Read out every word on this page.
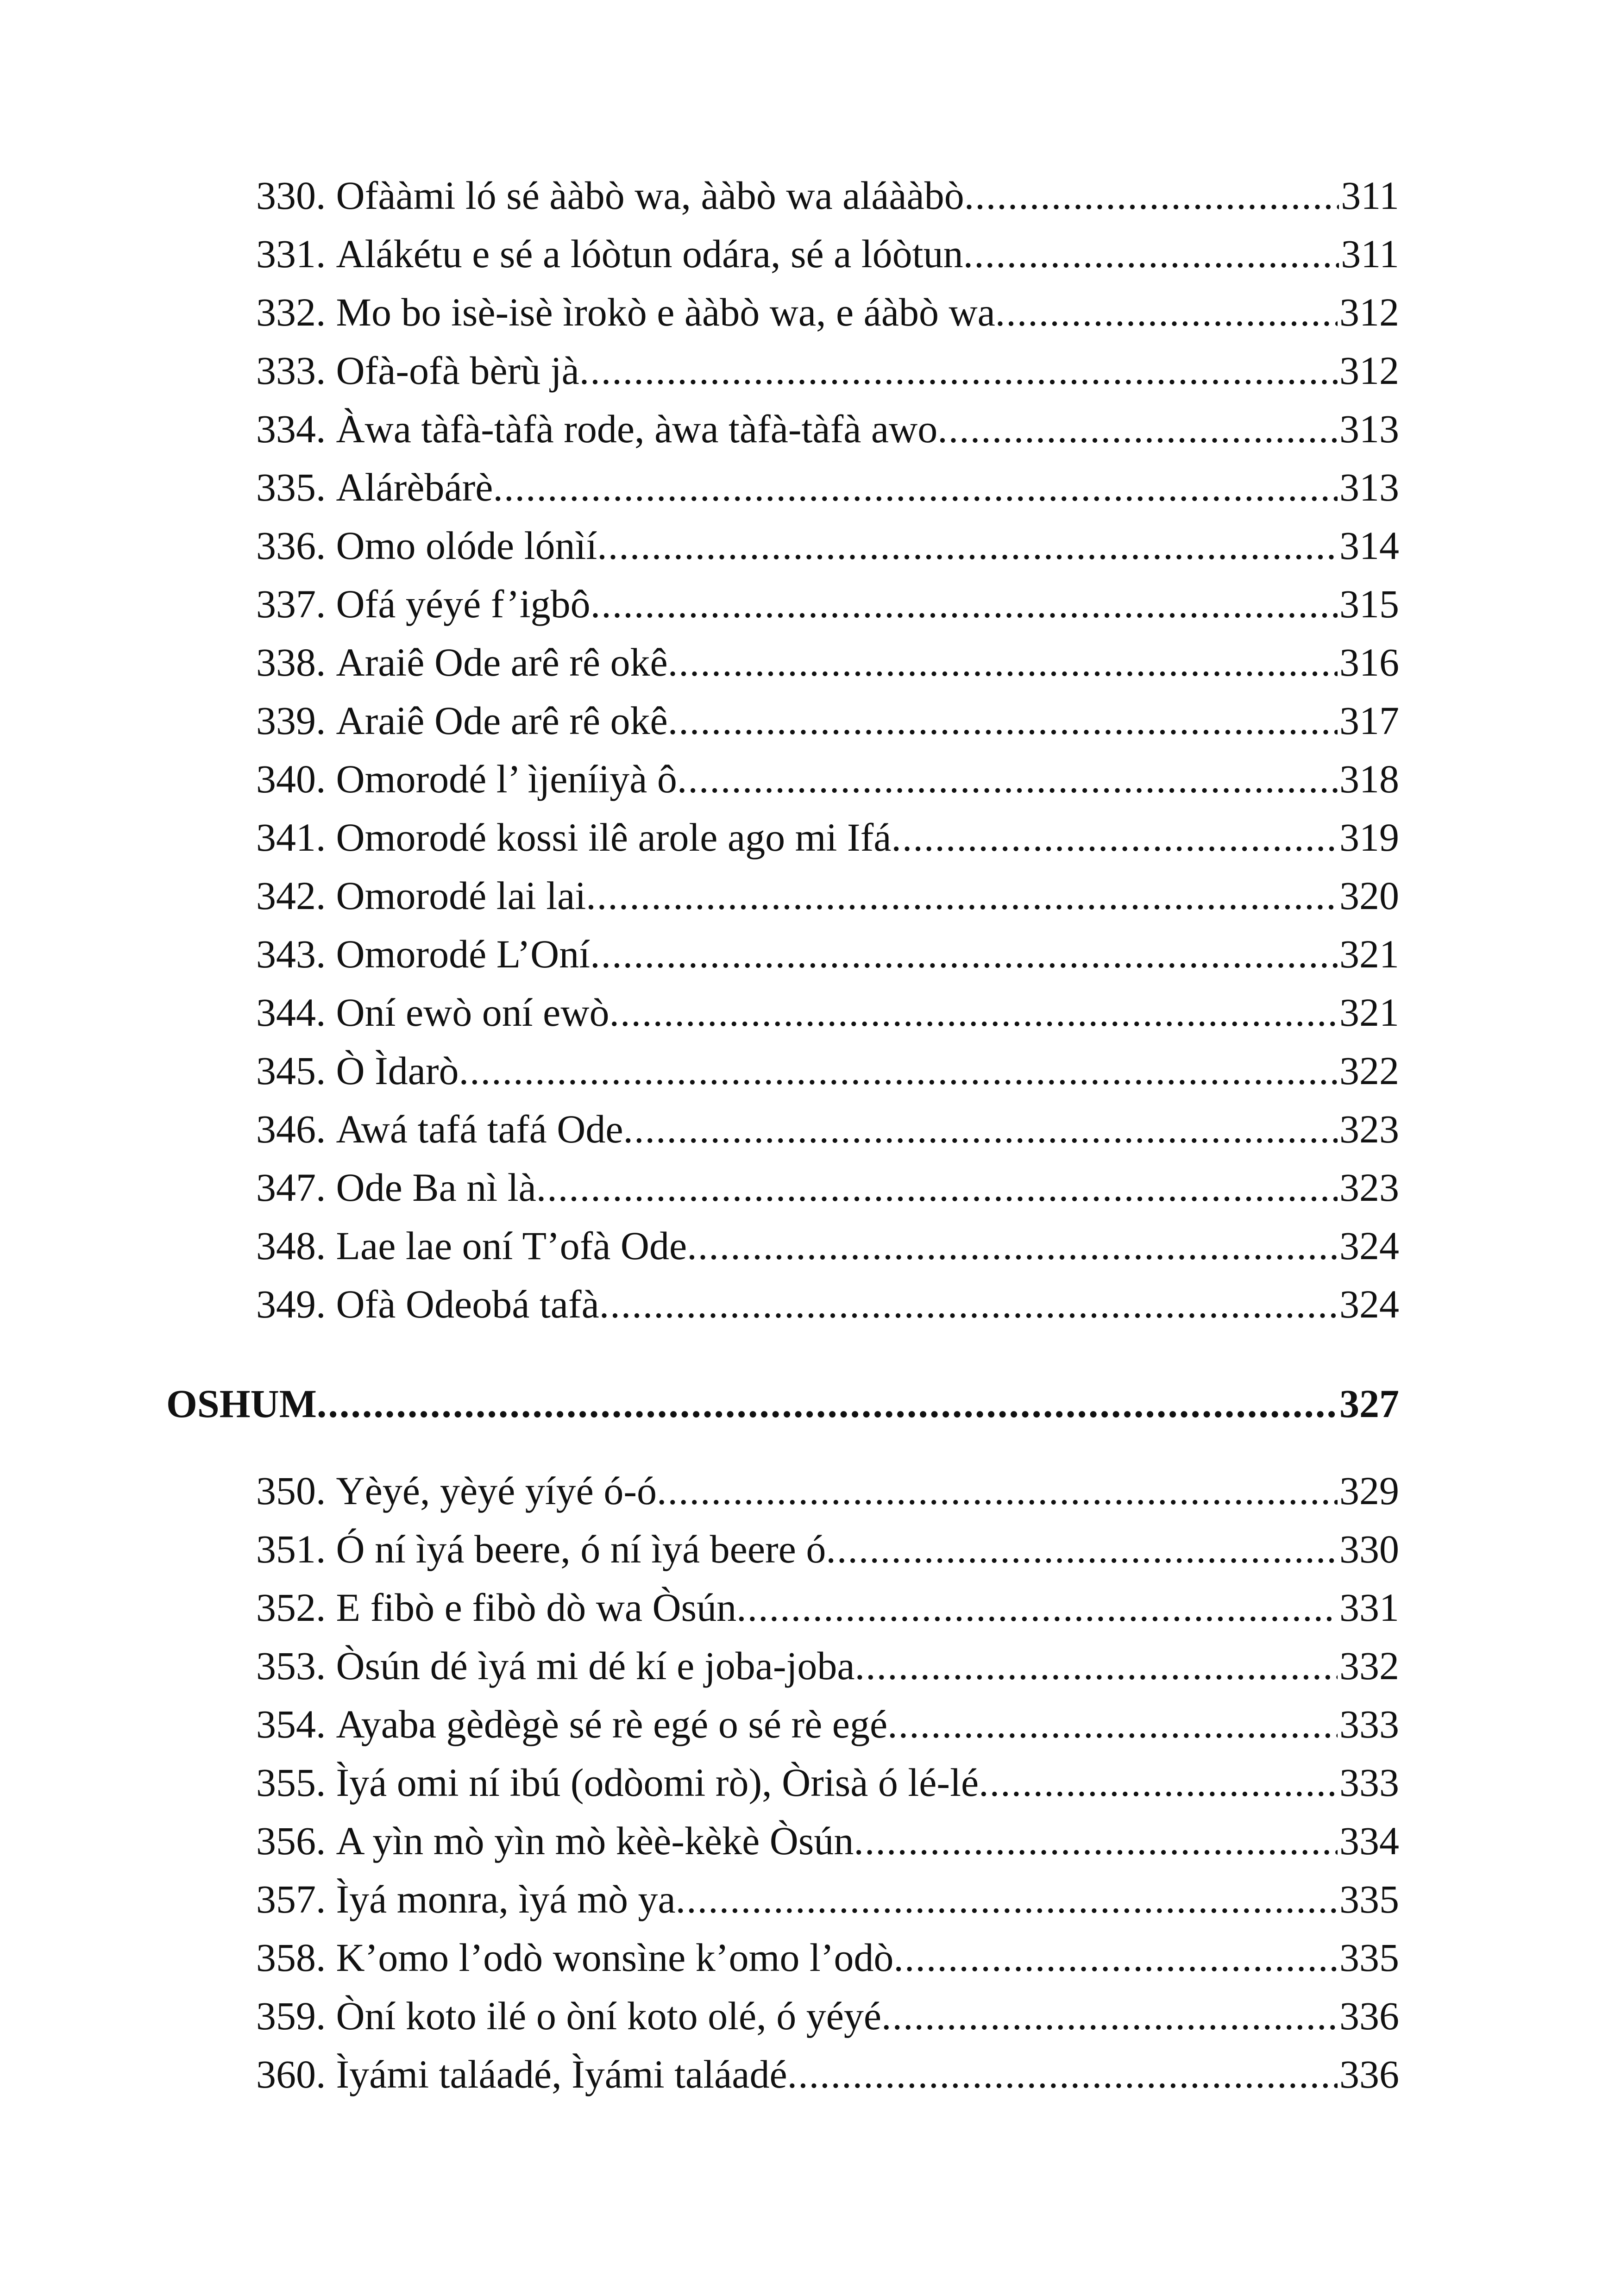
330. Ofààmi ló sé ààbò wa, ààbò wa aláààbò .....	311
331. Alákétu e sé a lóòtun odára, sé a lóòtun .....	311
332. Mo bo isè-isè ìrokò e ààbò wa, e áàbò wa .....	312
333. Ofà-ofà bèrù jà .....	312
334. Àwa tàfà-tàfà rode, àwa tàfà-tàfà awo .....	313
335. Alárèbárè .....	313
336. Omo olóde lónìí .....	314
337. Ofá yéyé f’igbô .....	315
338. Araiê Ode arê rê okê .....	316
339. Araiê Ode arê rê okê .....	317
340. Omorodé l’ ìjeníiyà ô .....	318
341. Omorodé kossi ilê arole ago mi Ifá .....	319
342. Omorodé lai lai .....	320
343. Omorodé L’Oní .....	321
344. Oní ewò oní ewò .....	321
345. Ò Ìdarò .....	322
346. Awá tafá tafá Ode .....	323
347. Ode Ba nì là .....	323
348. Lae lae oní T’ofà Ode .....	324
349. Ofà Odeobá tafà .....	324
OSHUM .....	327
350. Yèyé, yèyé yíyé ó-ó .....	329
351. Ó ní ìyá beere, ó ní ìyá beere ó .....	330
352. E fibò e fibò dò wa Òsún .....	331
353. Òsún dé ìyá mi dé kí e joba-joba .....	332
354. Ayaba gèdègè sé rè egé o sé rè egé .....	333
355. Ìyá omi ní ibú (odòomi rò), Òrisà ó lé-lé .....	333
356. A yìn mò yìn mò kèè-kèkè Òsún .....	334
357. Ìyá monra, ìyá mò ya .....	335
358. K’omo l’odò wonsìne k’omo l’odò .....	335
359. Òní koto ilé o òní koto olé, ó yéyé .....	336
360. Ìyámi taláadé, Ìyámi taláadé .....	336
